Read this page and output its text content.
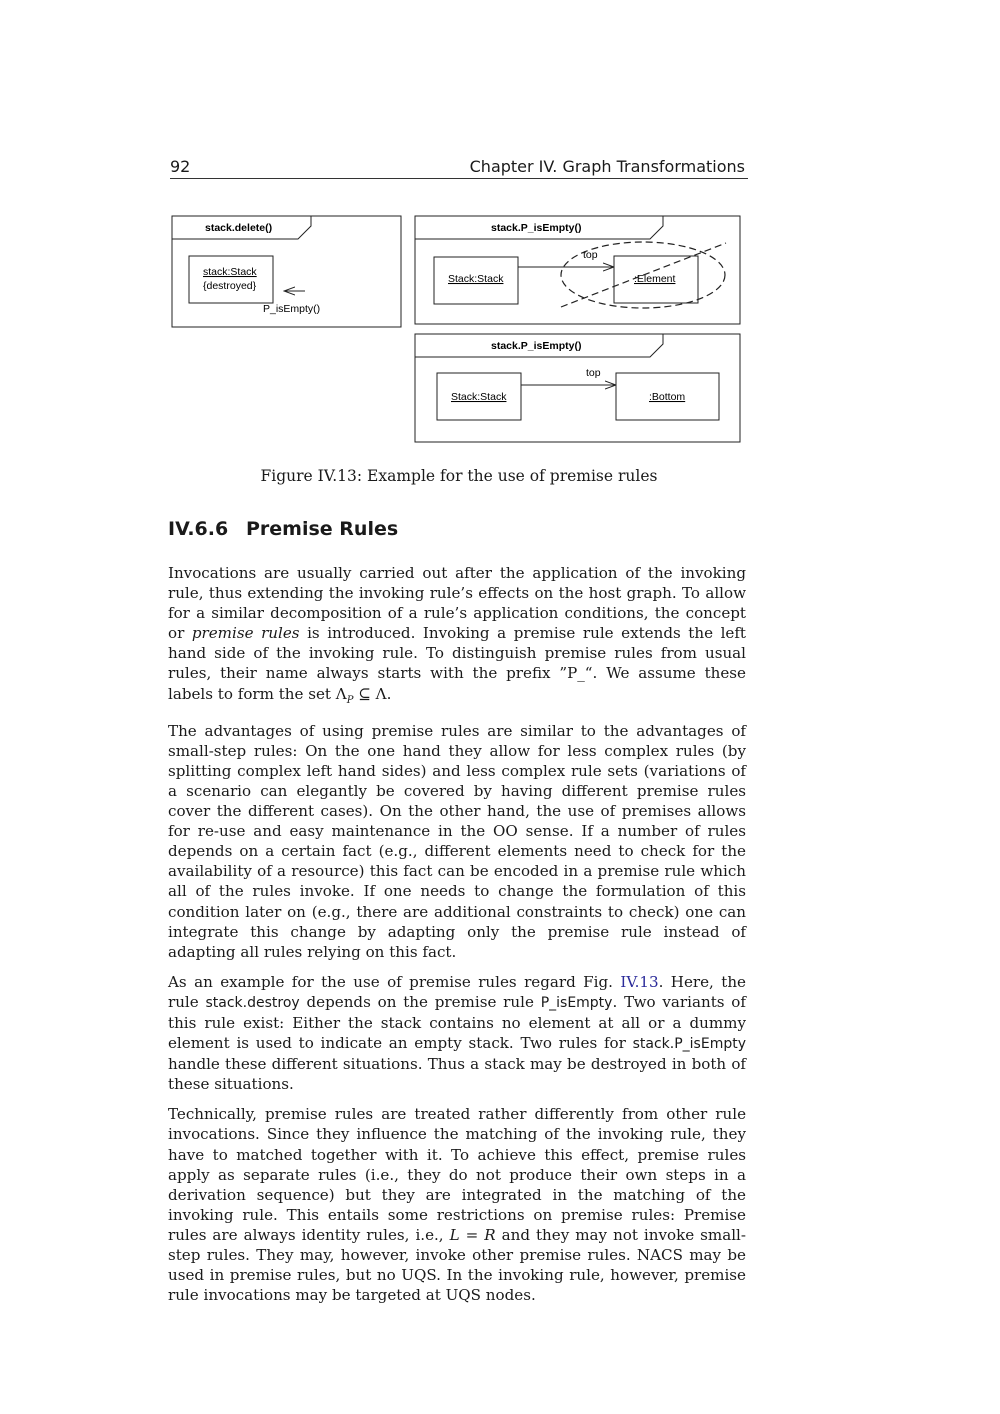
92	Chapter IV. Graph Transformations
stack.delete()
stack:Stack
{destroyed}
P_isEmpty()
stack.P_isEmpty()
Stack:Stack
top
:Element
stack.P_isEmpty()
Stack:Stack
top
:Bottom
Figure IV.13: Example for the use of premise rules
IV.6.6 Premise Rules

Invocations are usually carried out after the application of the invoking rule, thus extending the invoking rule’s effects on the host graph. To allow for a similar decomposition of a rule’s application conditions, the concept or premise rules is introduced. Invoking a premise rule extends the left hand side of the invoking rule. To distinguish premise rules from usual rules, their name always starts with the prefix ”P_“. We assume these labels to form the set $\Lambda_P$ ⊆ Λ.

The advantages of using premise rules are similar to the advantages of small-step rules: On the one hand they allow for less complex rules (by splitting complex left hand sides) and less complex rule sets (variations of a scenario can elegantly be covered by having different premise rules cover the different cases). On the other hand, the use of premises allows for re-use and easy maintenance in the OO sense. If a number of rules depends on a certain fact (e.g., different elements need to check for the availability of a resource) this fact can be encoded in a premise rule which all of the rules invoke. If one needs to change the formulation of this condition later on (e.g., there are additional constraints to check) one can integrate this change by adapting only the premise rule instead of adapting all rules relying on this fact.

As an example for the use of premise rules regard Fig. IV.13. Here, the rule stack.destroy depends on the premise rule P_isEmpty. Two variants of this rule exist: Either the stack contains no element at all or a dummy element is used to indicate an empty stack. Two rules for stack.P_isEmpty handle these different situations. Thus a stack may be destroyed in both of these situations.

Technically, premise rules are treated rather differently from other rule invocations. Since they influence the matching of the invoking rule, they have to matched together with it. To achieve this effect, premise rules apply as separate rules (i.e., they do not produce their own steps in a derivation sequence) but they are integrated in the matching of the invoking rule. This entails some restrictions on premise rules: Premise rules are always identity rules, i.e., L = R and they may not invoke small-step rules. They may, however, invoke other premise rules. NACS may be used in premise rules, but no UQS. In the invoking rule, however, premise rule invocations may be targeted at UQS nodes.
